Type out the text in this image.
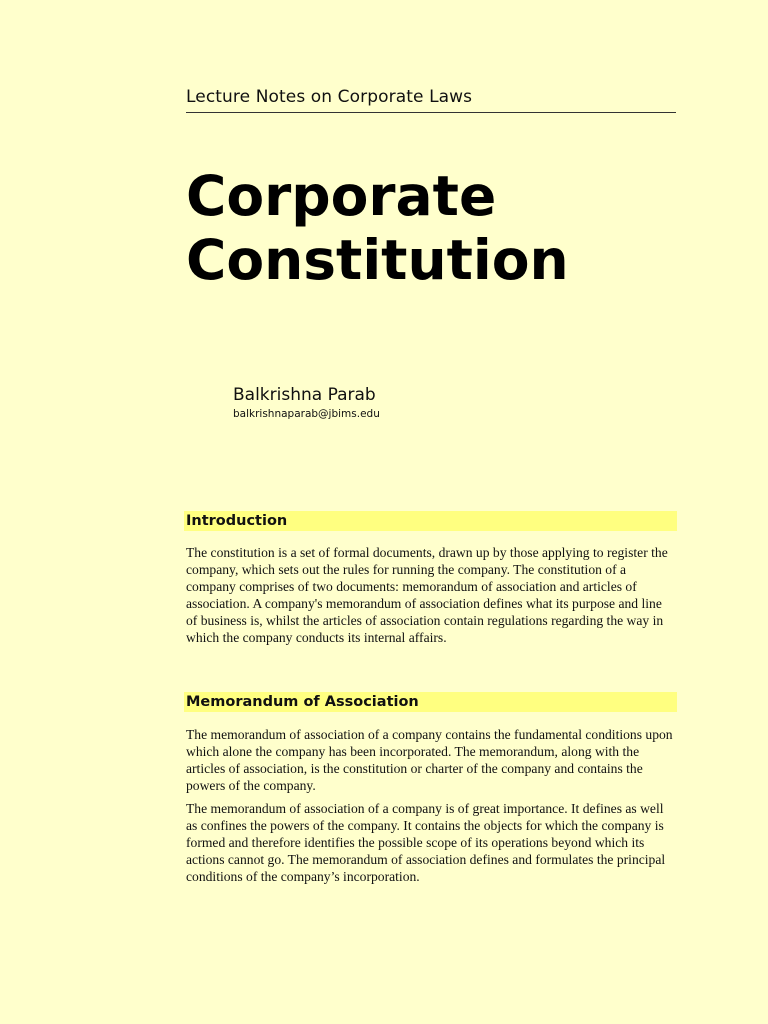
Lecture Notes on Corporate Laws
Corporate
Constitution
Balkrishna Parab
balkrishnaparab@jbims.edu
Introduction
The constitution is a set of formal documents, drawn up by those applying to register the company, which sets out the rules for running the company. The constitution of a company comprises of two documents: memorandum of association and articles of association. A company's memorandum of association defines what its purpose and line of business is, whilst the articles of association contain regulations regarding the way in which the company conducts its internal affairs.
Memorandum of Association
The memorandum of association of a company contains the fundamental conditions upon which alone the company has been incorporated. The memorandum, along with the articles of association, is the constitution or charter of the company and contains the powers of the company.
The memorandum of association of a company is of great importance. It defines as well as confines the powers of the company. It contains the objects for which the company is formed and therefore identifies the possible scope of its operations beyond which its actions cannot go. The memorandum of association defines and formulates the principal conditions of the company’s incorporation.
